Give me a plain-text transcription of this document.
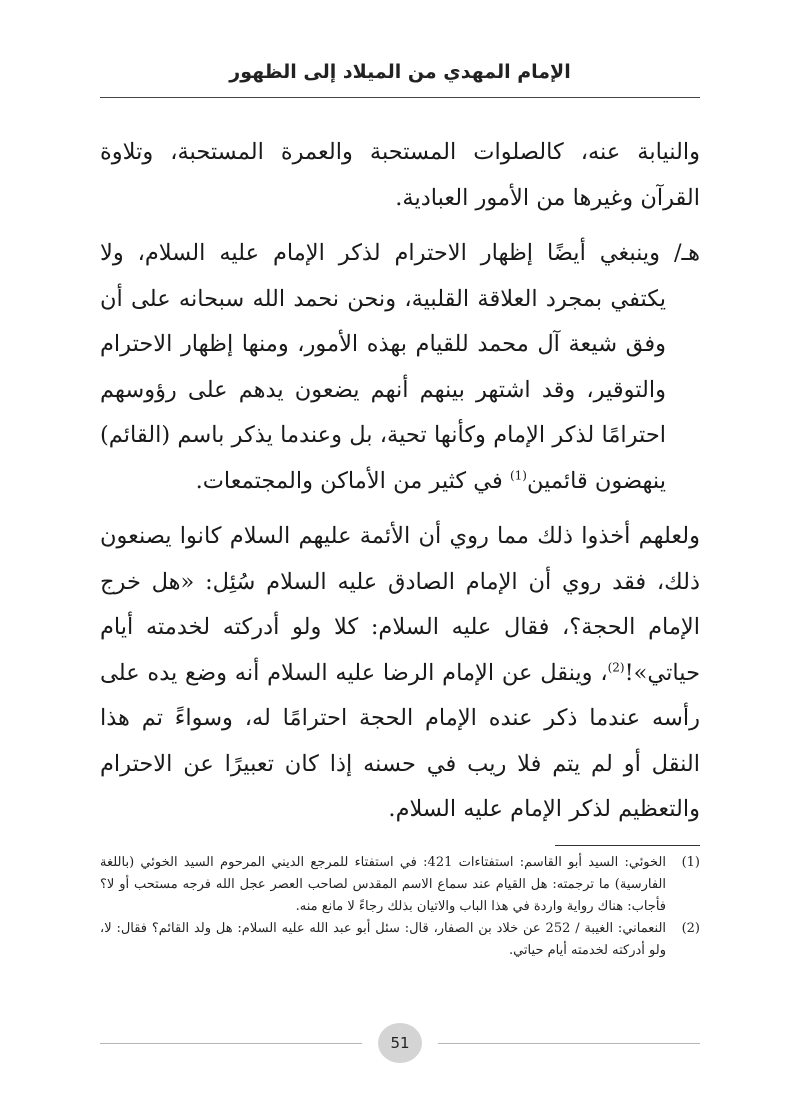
الإمام المهدي من الميلاد إلى الظهور

والنيابة عنه، كالصلوات المستحبة والعمرة المستحبة، وتلاوة القرآن وغيرها من الأمور العبادية.

هـ/ وينبغي أيضًا إظهار الاحترام لذكر الإمام عليه السلام، ولا يكتفي بمجرد العلاقة القلبية، ونحن نحمد الله سبحانه على أن وفق شيعة آل محمد للقيام بهذه الأمور، ومنها إظهار الاحترام والتوقير، وقد اشتهر بينهم أنهم يضعون يدهم على رؤوسهم احترامًا لذكر الإمام وكأنها تحية، بل وعندما يذكر باسم (القائم) ينهضون قائمين$^{(1)}$ في كثير من الأماكن والمجتمعات.

ولعلهم أخذوا ذلك مما روي أن الأئمة عليهم السلام كانوا يصنعون ذلك، فقد روي أن الإمام الصادق عليه السلام سُئِل: «هل خرج الإمام الحجة؟، فقال عليه السلام: كلا ولو أدركته لخدمته أيام حياتي»!$^{(2)}$، وينقل عن الإمام الرضا عليه السلام أنه وضع يده على رأسه عندما ذكر عنده الإمام الحجة احترامًا له، وسواءً تم هذا النقل أو لم يتم فلا ريب في حسنه إذا كان تعبيرًا عن الاحترام والتعظيم لذكر الإمام عليه السلام.

(1)
الخوئي: السيد أبو القاسم: استفتاءات 421: في استفتاء للمرجع الديني المرحوم السيد الخوئي (باللغة الفارسية) ما ترجمته: هل القيام عند سماع الاسم المقدس لصاحب العصر عجل الله فرجه مستحب أو لا؟ فأجاب: هناك رواية واردة في هذا الباب والاتيان بذلك رجاءً لا مانع منه.
(2)
النعماني: الغيبة / 252 عن خلاد بن الصفار، قال: سئل أبو عبد الله عليه السلام: هل ولد القائم؟ فقال: لا، ولو أدركته لخدمته أيام حياتي.
51
